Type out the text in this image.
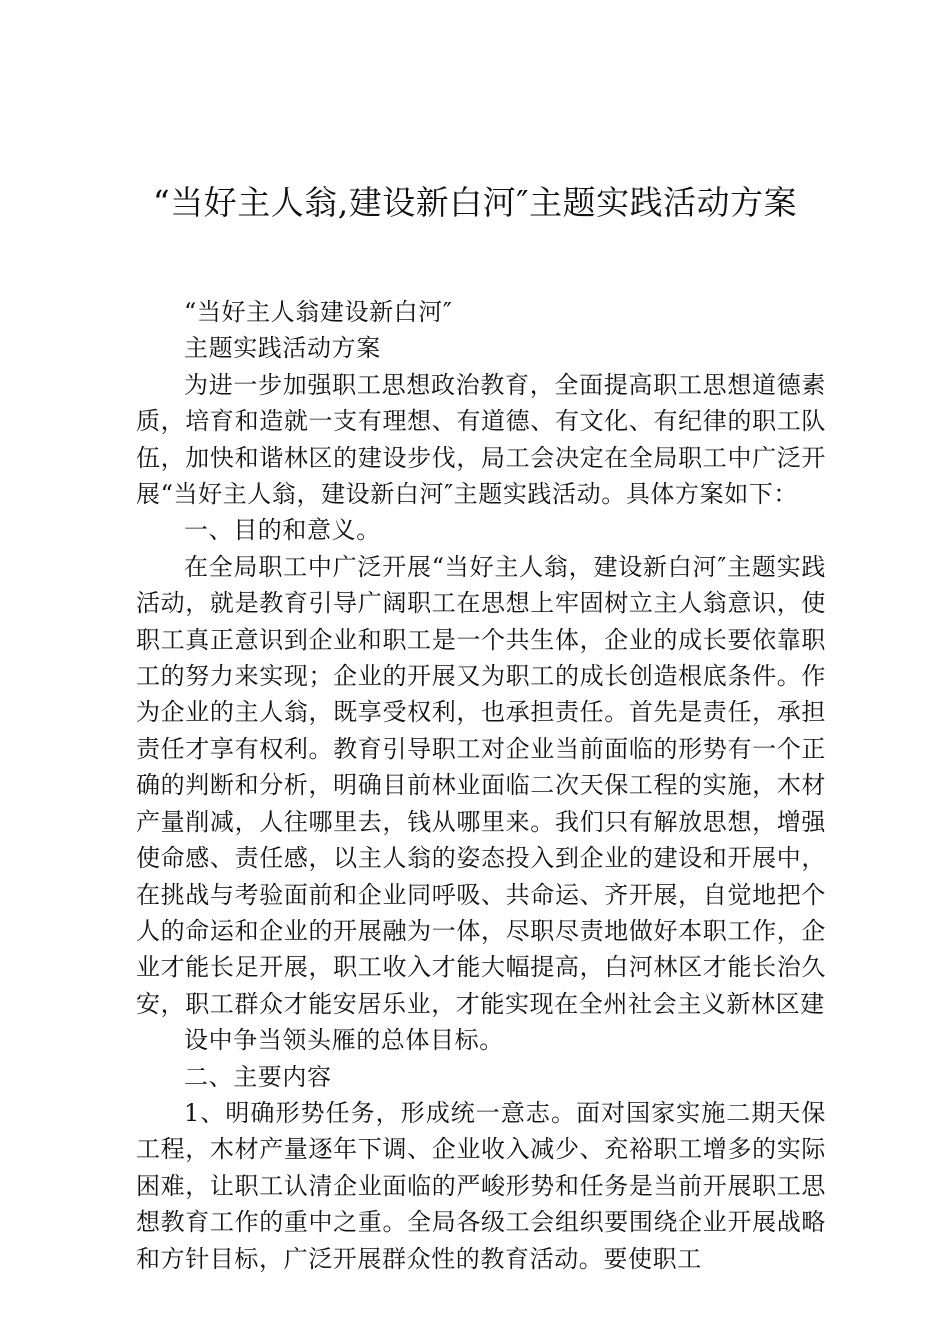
“当好主人翁,建设新白河″主题实践活动方案

“当好主人翁建设新白河″

主题实践活动方案

为进一步加强职工思想政治教育，全面提高职工思想道德素质，培育和造就一支有理想、有道德、有文化、有纪律的职工队伍，加快和谐林区的建设步伐，局工会决定在全局职工中广泛开展“当好主人翁，建设新白河″主题实践活动。具体方案如下：

一、目的和意义。

在全局职工中广泛开展“当好主人翁，建设新白河″主题实践活动，就是教育引导广阔职工在思想上牢固树立主人翁意识，使职工真正意识到企业和职工是一个共生体，企业的成长要依靠职工的努力来实现；企业的开展又为职工的成长创造根底条件。作为企业的主人翁，既享受权利，也承担责任。首先是责任，承担责任才享有权利。教育引导职工对企业当前面临的形势有一个正确的判断和分析，明确目前林业面临二次天保工程的实施，木材产量削减，人往哪里去，钱从哪里来。我们只有解放思想，增强使命感、责任感，以主人翁的姿态投入到企业的建设和开展中，在挑战与考验面前和企业同呼吸、共命运、齐开展，自觉地把个人的命运和企业的开展融为一体，尽职尽责地做好本职工作，企业才能长足开展，职工收入才能大幅提高，白河林区才能长治久安，职工群众才能安居乐业，才能实现在全州社会主义新林区建

设中争当领头雁的总体目标。

二、主要内容

1、明确形势任务，形成统一意志。面对国家实施二期天保工程，木材产量逐年下调、企业收入减少、充裕职工增多的实际困难，让职工认清企业面临的严峻形势和任务是当前开展职工思想教育工作的重中之重。全局各级工会组织要围绕企业开展战略和方针目标，广泛开展群众性的教育活动。要使职工
